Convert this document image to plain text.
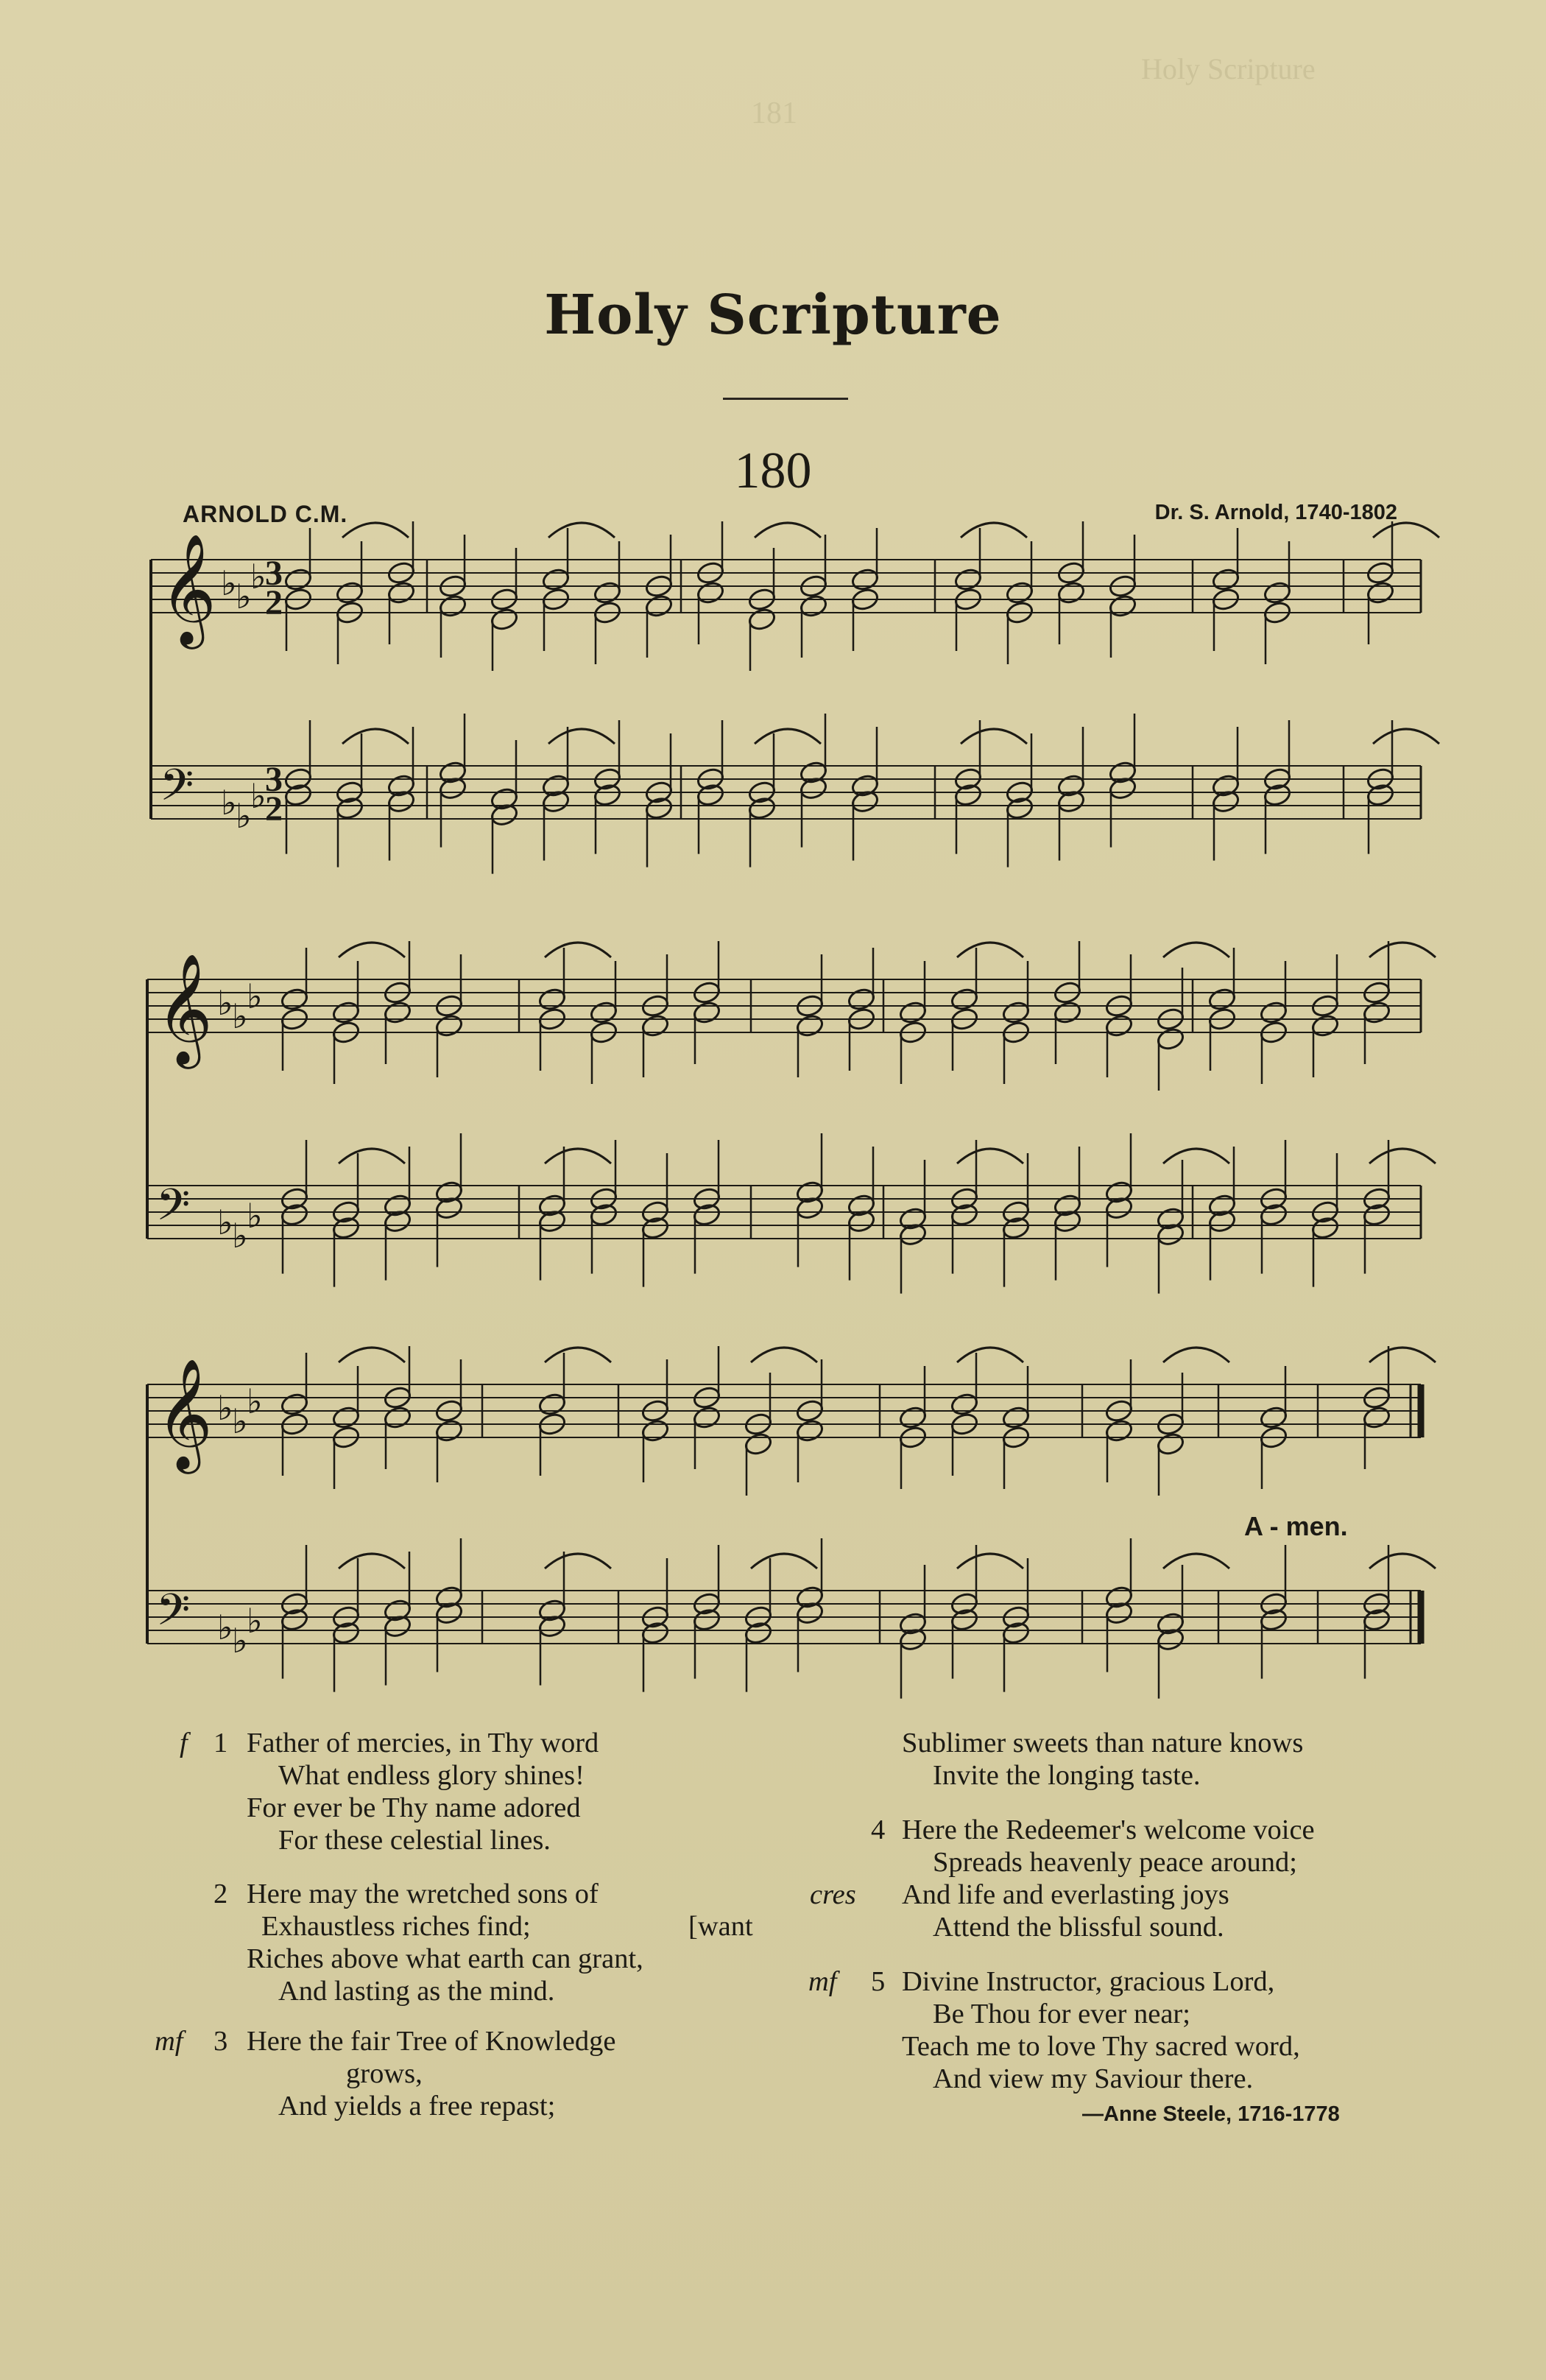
Holy Scripture
181
Holy Scripture
180
ARNOLD C.M.	Dr. S. Arnold, 1740-1802
𝄞
𝄢
♭
♭
♭
♭
♭
♭
𝄞
𝄢
♭
♭
♭
♭
♭
♭
𝄞
𝄢
♭
♭
♭
♭
♭
♭
3
2
3
2
A - men.
f 1 Father of mercies, in Thy word
What endless glory shines!
For ever be Thy name adored
For these celestial lines.
2 Here may the wretched sons of
Exhaustless riches find;	[want
Riches above what earth can grant,
And lasting as the mind.
mf 3 Here the fair Tree of Knowledge
grows,
And yields a free repast;
Sublimer sweets than nature knows
Invite the longing taste.
4 Here the Redeemer's welcome voice
Spreads heavenly peace around;
cres And life and everlasting joys
Attend the blissful sound.
mf 5 Divine Instructor, gracious Lord,
Be Thou for ever near;
Teach me to love Thy sacred word,
And view my Saviour there.
—Anne Steele, 1716-1778
